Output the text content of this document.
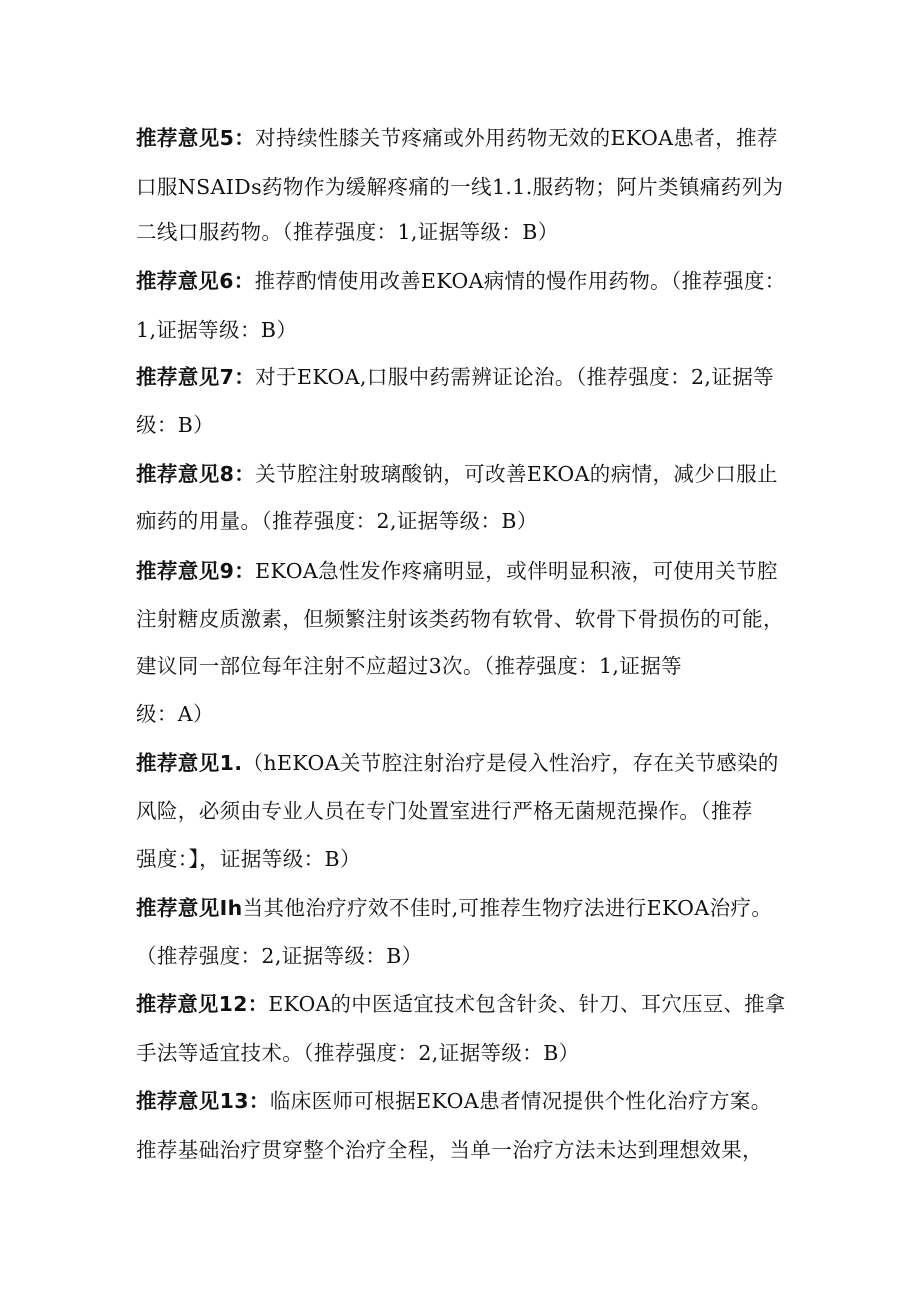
推荐意见5：对持续性膝关节疼痛或外用药物无效的EKOA患者，推荐
口服NSAIDs药物作为缓解疼痛的一线1.1.服药物；阿片类镇痛药列为
二线口服药物。（推荐强度：1,证据等级：B）
推荐意见6：推荐酌情使用改善EKOA病情的慢作用药物。（推荐强度：
1,证据等级：B）
推荐意见7：对于EKOA,口服中药需辨证论治。（推荐强度：2,证据等
级：B）
推荐意见8：关节腔注射玻璃酸钠，可改善EKOA的病情，减少口服止
痂药的用量。（推荐强度：2,证据等级：B）
推荐意见9：EKOA急性发作疼痛明显，或伴明显积液，可使用关节腔
注射糖皮质激素，但频繁注射该类药物有软骨、软骨下骨损伤的可能，
建议同一部位每年注射不应超过3次。（推荐强度：1,证据等
级：A）
推荐意见1.（hEKOA关节腔注射治疗是侵入性治疗，存在关节感染的
风险，必须由专业人员在专门处置室进行严格无菌规范操作。（推荐
强度：】，证据等级：B）
推荐意见Ih当其他治疗疗效不佳时,可推荐生物疗法进行EKOA治疗。
（推荐强度：2,证据等级：B）
推荐意见12：EKOA的中医适宜技术包含针灸、针刀、耳穴压豆、推拿
手法等适宜技术。（推荐强度：2,证据等级：B）
推荐意见13：临床医师可根据EKOA患者情况提供个性化治疗方案。
推荐基础治疗贯穿整个治疗全程，当单一治疗方法未达到理想效果，
